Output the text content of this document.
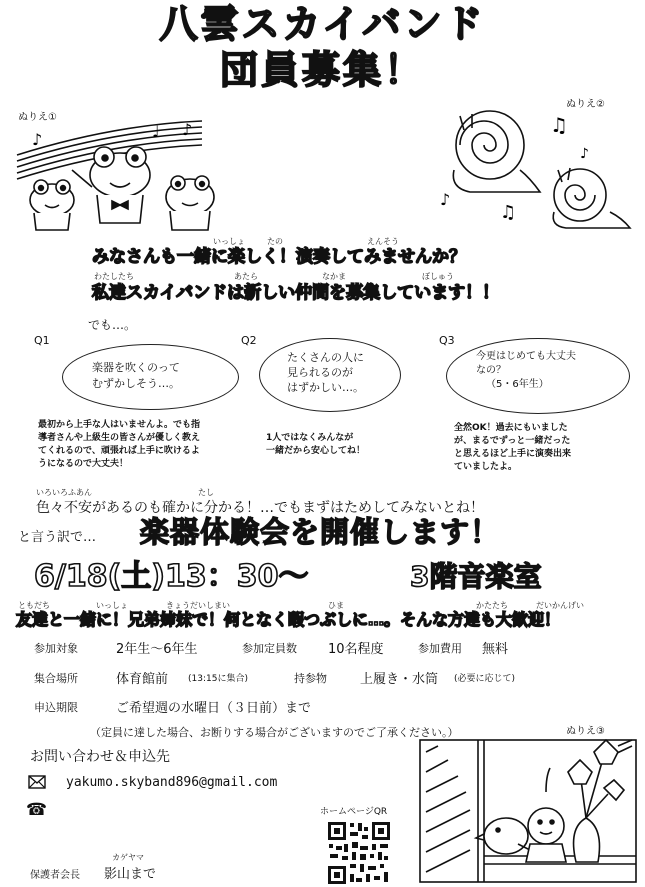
八雲スカイバンド
団員募集！
ぬりえ①
ぬりえ②
ぬりえ③
♪	♩ ♪	♫
♪
♪
♫
いっしょ	たの	えんそう
みなさんも一緒に楽しく！演奏してみませんか？
わたしたち	あたら	なかま	ぼしゅう
私達スカイバンドは新しい仲間を募集しています！！
でも…。
Q1
楽器を吹くのって
むずかしそう…。
最初から上手な人はいませんよ。でも指
導者さんや上級生の皆さんが優しく教え
てくれるので、頑張れば上手に吹けるよ
うになるので大丈夫！
Q2
たくさんの人に
見られるのが
はずかしい…。
1人ではなくみんなが
一緒だから安心してね！
Q3
今更はじめても大丈夫
なの？
（5・6年生）
全然OK！過去にもいました
が、まるでずっと一緒だった
と思えるほど上手に演奏出来
ていましたよ。
いろいろふあん	たし
色々不安があるのも確かに分かる！…でもまずはためしてみないとね！
と言う訳で… 楽器体験会を開催します！
6/18(土)13：30～	3階音楽室
ともだち	いっしょ	きょうだいしまい	ひま	かたたち	だいかんげい
友達と一緒に！兄弟姉妹で！何となく暇つぶしに…。そんな方達も大歓迎！
参加対象	2年生～6年生	参加定員数 10名程度	参加費用 無料
集合場所	体育館前 (13:15に集合)	持参物	上履き・水筒 (必要に応じて)
申込期限	ご希望週の水曜日（３日前）まで
（定員に達した場合、お断りする場合がございますのでご了承ください。）
お問い合わせ＆申込先
yakumo.skyband896@gmail.com
☎	ホームページQR
保護者会長
カゲヤマ
影山まで
